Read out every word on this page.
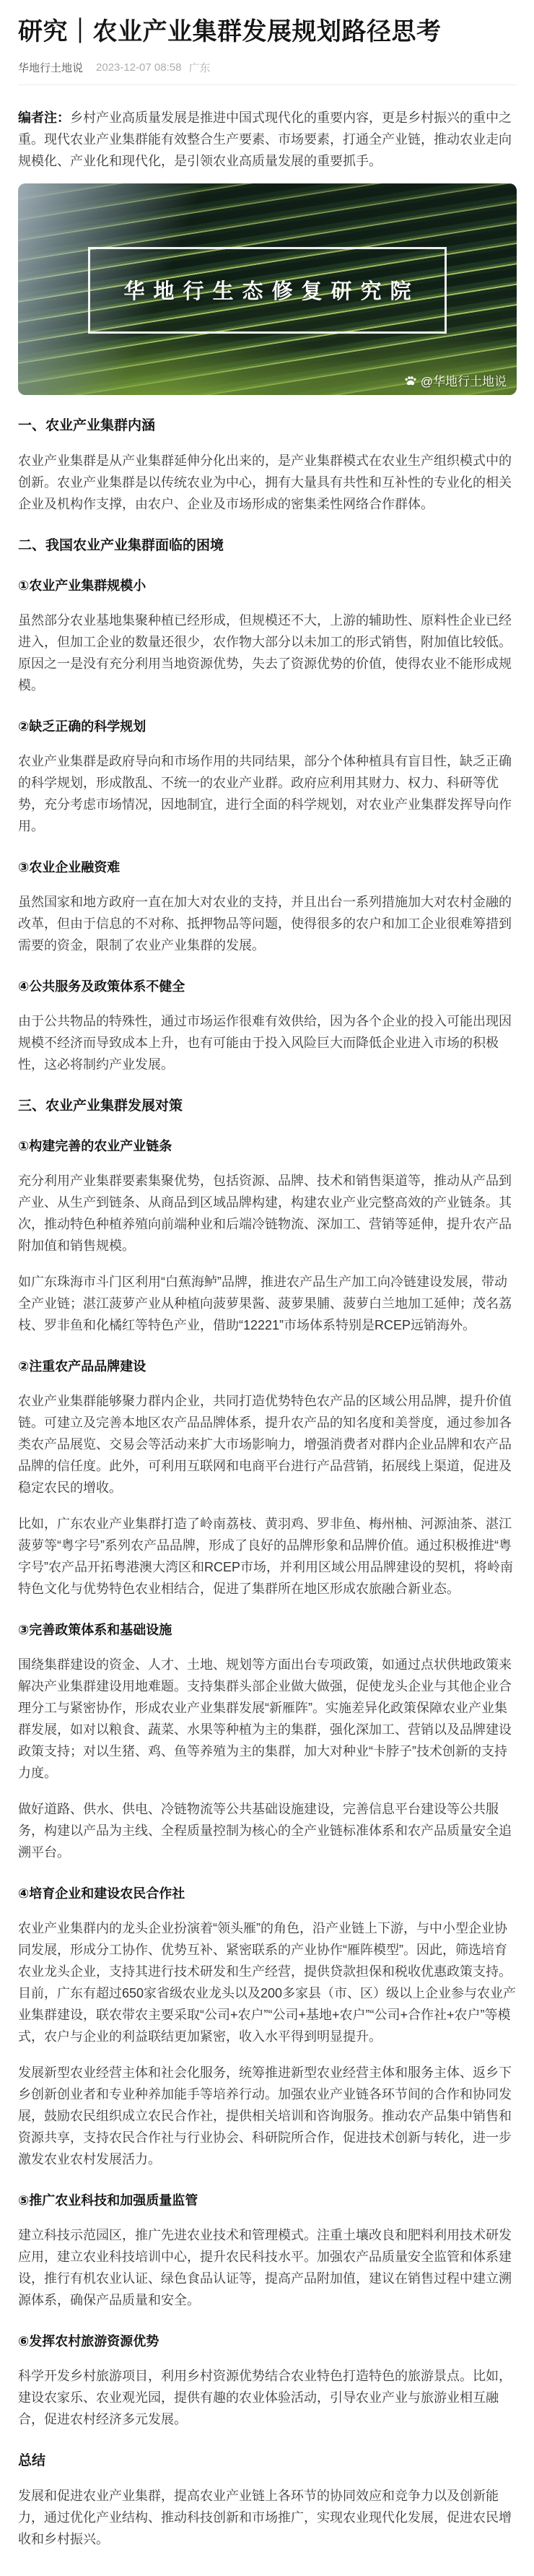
研究｜农业产业集群发展规划路径思考
华地行土地说 2023-12-07 08:58 广东

编者注：乡村产业高质量发展是推进中国式现代化的重要内容，更是乡村振兴的重中之重。现代农业产业集群能有效整合生产要素、市场要素，打通全产业链，推动农业走向规模化、产业化和现代化，是引领农业高质量发展的重要抓手。

华地行生态修复研究院
@华地行土地说
一、农业产业集群内涵

农业产业集群是从产业集群延伸分化出来的，是产业集群模式在农业生产组织模式中的创新。农业产业集群是以传统农业为中心，拥有大量具有共性和互补性的专业化的相关企业及机构作支撑，由农户、企业及市场形成的密集柔性网络合作群体。

二、我国农业产业集群面临的困境
①农业产业集群规模小

虽然部分农业基地集聚种植已经形成，但规模还不大，上游的辅助性、原料性企业已经进入，但加工企业的数量还很少，农作物大部分以未加工的形式销售，附加值比较低。原因之一是没有充分利用当地资源优势，失去了资源优势的价值，使得农业不能形成规模。

②缺乏正确的科学规划

农业产业集群是政府导向和市场作用的共同结果，部分个体种植具有盲目性，缺乏正确的科学规划，形成散乱、不统一的农业产业群。政府应利用其财力、权力、科研等优势，充分考虑市场情况，因地制宜，进行全面的科学规划，对农业产业集群发挥导向作用。

③农业企业融资难

虽然国家和地方政府一直在加大对农业的支持，并且出台一系列措施加大对农村金融的改革，但由于信息的不对称、抵押物品等问题，使得很多的农户和加工企业很难筹措到需要的资金，限制了农业产业集群的发展。

④公共服务及政策体系不健全

由于公共物品的特殊性，通过市场运作很难有效供给，因为各个企业的投入可能出现因规模不经济而导致成本上升，也有可能由于投入风险巨大而降低企业进入市场的积极性，这必将制约产业发展。

三、农业产业集群发展对策
①构建完善的农业产业链条

充分利用产业集群要素集聚优势，包括资源、品牌、技术和销售渠道等，推动从产品到产业、从生产到链条、从商品到区域品牌构建，构建农业产业完整高效的产业链条。其次，推动特色种植养殖向前端种业和后端冷链物流、深加工、营销等延伸，提升农产品附加值和销售规模。

如广东珠海市斗门区利用“白蕉海鲈”品牌，推进农产品生产加工向冷链建设发展，带动全产业链；湛江菠萝产业从种植向菠萝果酱、菠萝果脯、菠萝白兰地加工延伸；茂名荔枝、罗非鱼和化橘红等特色产业，借助“12221”市场体系特别是RCEP远销海外。

②注重农产品品牌建设

农业产业集群能够聚力群内企业，共同打造优势特色农产品的区域公用品牌，提升价值链。可建立及完善本地区农产品品牌体系，提升农产品的知名度和美誉度，通过参加各类农产品展览、交易会等活动来扩大市场影响力，增强消费者对群内企业品牌和农产品品牌的信任度。此外，可利用互联网和电商平台进行产品营销，拓展线上渠道，促进及稳定农民的增收。

比如，广东农业产业集群打造了岭南荔枝、黄羽鸡、罗非鱼、梅州柚、河源油茶、湛江菠萝等“粤字号”系列农产品品牌，形成了良好的品牌形象和品牌价值。通过积极推进“粤字号”农产品开拓粤港澳大湾区和RCEP市场，并利用区域公用品牌建设的契机，将岭南特色文化与优势特色农业相结合，促进了集群所在地区形成农旅融合新业态。

③完善政策体系和基础设施

围绕集群建设的资金、人才、土地、规划等方面出台专项政策，如通过点状供地政策来解决产业集群建设用地难题。支持集群头部企业做大做强，促使龙头企业与其他企业合理分工与紧密协作，形成农业产业集群发展“新雁阵”。实施差异化政策保障农业产业集群发展，如对以粮食、蔬菜、水果等种植为主的集群，强化深加工、营销以及品牌建设政策支持；对以生猪、鸡、鱼等养殖为主的集群，加大对种业“卡脖子”技术创新的支持力度。

做好道路、供水、供电、冷链物流等公共基础设施建设，完善信息平台建设等公共服务，构建以产品为主线、全程质量控制为核心的全产业链标准体系和农产品质量安全追溯平台。

④培育企业和建设农民合作社

农业产业集群内的龙头企业扮演着“领头雁”的角色，沿产业链上下游，与中小型企业协同发展，形成分工协作、优势互补、紧密联系的产业协作“雁阵模型”。因此，筛选培育农业龙头企业，支持其进行技术研发和生产经营，提供贷款担保和税收优惠政策支持。目前，广东有超过650家省级农业龙头以及200多家县（市、区）级以上企业参与农业产业集群建设，联农带农主要采取“公司+农户”“公司+基地+农户”“公司+合作社+农户”等模式，农户与企业的利益联结更加紧密，收入水平得到明显提升。

发展新型农业经营主体和社会化服务，统筹推进新型农业经营主体和服务主体、返乡下乡创新创业者和专业种养加能手等培养行动。加强农业产业链各环节间的合作和协同发展，鼓励农民组织成立农民合作社，提供相关培训和咨询服务。推动农产品集中销售和资源共享，支持农民合作社与行业协会、科研院所合作，促进技术创新与转化，进一步激发农业农村发展活力。

⑤推广农业科技和加强质量监管

建立科技示范园区，推广先进农业技术和管理模式。注重土壤改良和肥料利用技术研发应用，建立农业科技培训中心，提升农民科技水平。加强农产品质量安全监管和体系建设，推行有机农业认证、绿色食品认证等，提高产品附加值，建议在销售过程中建立溯源体系，确保产品质量和安全。

⑥发挥农村旅游资源优势

科学开发乡村旅游项目，利用乡村资源优势结合农业特色打造特色的旅游景点。比如，建设农家乐、农业观光园，提供有趣的农业体验活动，引导农业产业与旅游业相互融合，促进农村经济多元发展。

总结

发展和促进农业产业集群，提高农业产业链上各环节的协同效应和竞争力以及创新能力，通过优化产业结构、推动科技创新和市场推广，实现农业现代化发展，促进农民增收和乡村振兴。
